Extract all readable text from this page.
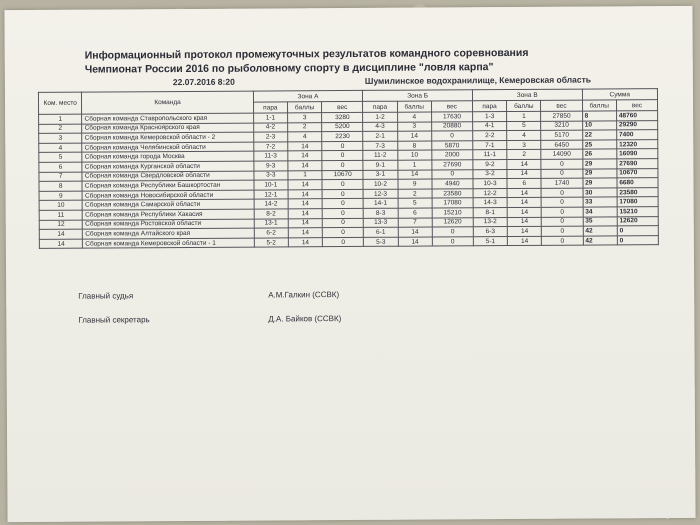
Информационный протокол промежуточных результатов командного соревнования
Чемпионат России 2016 по рыболовному спорту в дисциплине "ловля карпа"
22.07.2016 8:20	Шумилинское водохранилище, Кемеровская область
Ком. место	Команда	Зона А			Зона Б			Зона В			Сумма	
		пара	баллы	вес	пара	баллы	вес	пара	баллы	вес	баллы	вес
1	Сборная команда Ставропольского края	1-1	3	3280	1-2	4	17630	1-3	1	27850	8	48760
2	Сборная команда Красноярского края	4-2	2	5200	4-3	3	20880	4-1	5	3210	10	29290
3	Сборная команда Кемеровской области - 2	2-3	4	2230	2-1	14	0	2-2	4	5170	22	7400
4	Сборная команда Челябинской области	7-2	14	0	7-3	8	5870	7-1	3	6450	25	12320
5	Сборная команда города Москва	11-3	14	0	11-2	10	2000	11-1	2	14090	26	16090
6	Сборная команда Курганской области	9-3	14	0	9-1	1	27690	9-2	14	0	29	27690
7	Сборная команда Свердловской области	3-3	1	10670	3-1	14	0	3-2	14	0	29	10670
8	Сборная команда Республики Башкортостан	10-1	14	0	10-2	9	4940	10-3	6	1740	29	6680
9	Сборная команда Новосибирской области	12-1	14	0	12-3	2	23580	12-2	14	0	30	23580
10	Сборная команда Самарской области	14-2	14	0	14-1	5	17080	14-3	14	0	33	17080
11	Сборная команда Республики Хакасия	8-2	14	0	8-3	6	15210	8-1	14	0	34	15210
12	Сборная команда Ростовской области	13-1	14	0	13-3	7	12620	13-2	14	0	35	12620
14	Сборная команда Алтайского края	6-2	14	0	6-1	14	0	6-3	14	0	42	0
14	Сборная команда Кемеровской области - 1	5-2	14	0	5-3	14	0	5-1	14	0	42	0
Главный судья	А.М.Галкин (ССВК)
Главный секретарь	Д.А. Байков (ССВК)
www.tugun.ru
